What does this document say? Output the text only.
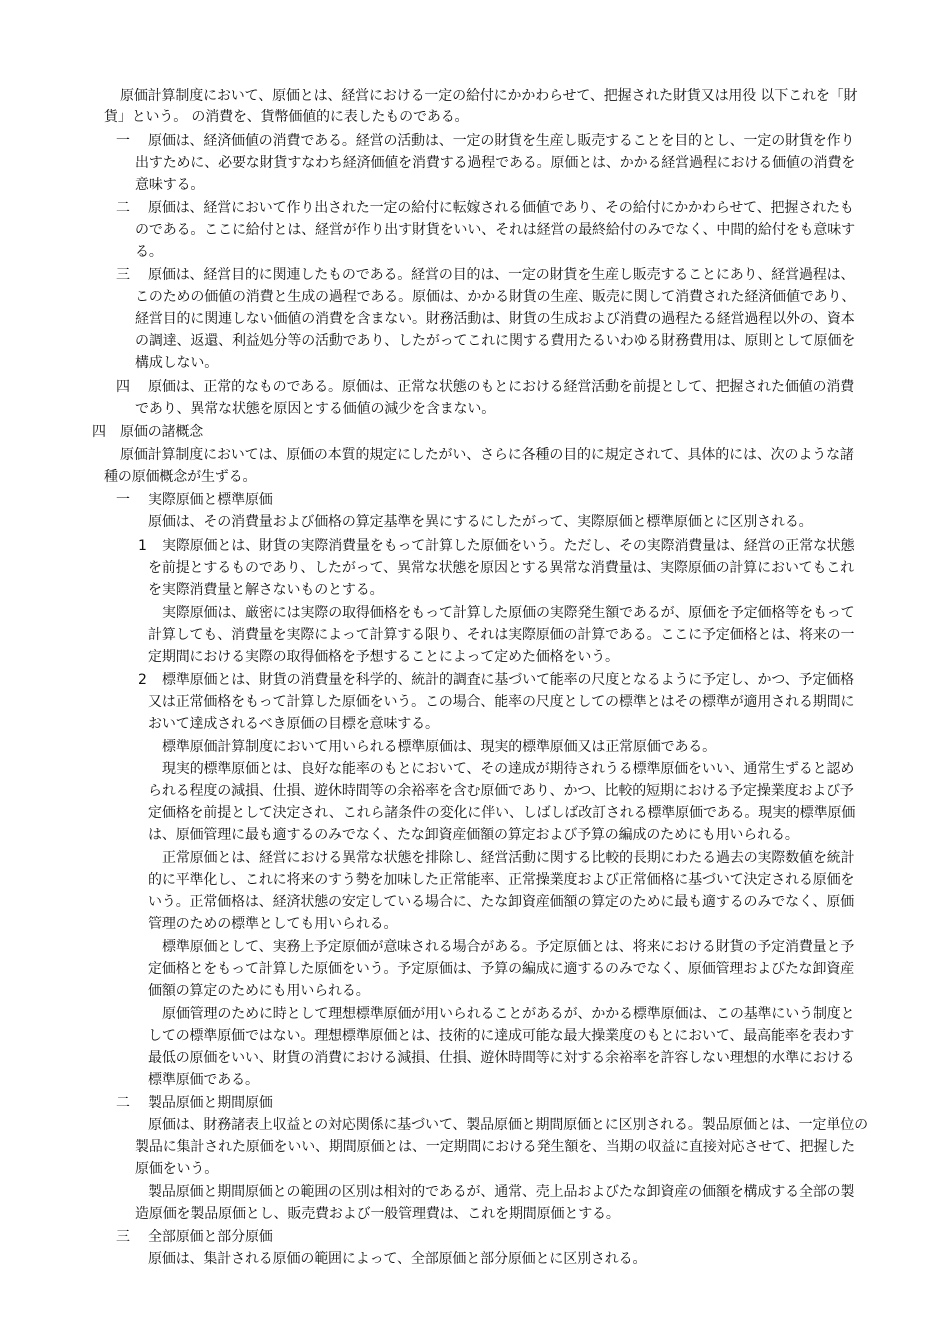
原価計算制度において、原価とは、経営における一定の給付にかかわらせて、把握された財貨又は用役 以下これを「財
貨」という。 の消費を、貨幣価値的に表したものである。
一 原価は、経済価値の消費である。経営の活動は、一定の財貨を生産し販売することを目的とし、一定の財貨を作り
出すために、必要な財貨すなわち経済価値を消費する過程である。原価とは、かかる経営過程における価値の消費を
意味する。
二 原価は、経営において作り出された一定の給付に転嫁される価値であり、その給付にかかわらせて、把握されたも
のである。ここに給付とは、経営が作り出す財貨をいい、それは経営の最終給付のみでなく、中間的給付をも意味す
る。
三 原価は、経営目的に関連したものである。経営の目的は、一定の財貨を生産し販売することにあり、経営過程は、
このための価値の消費と生成の過程である。原価は、かかる財貨の生産、販売に関して消費された経済価値であり、
経営目的に関連しない価値の消費を含まない。財務活動は、財貨の生成および消費の過程たる経営過程以外の、資本
の調達、返還、利益処分等の活動であり、したがってこれに関する費用たるいわゆる財務費用は、原則として原価を
構成しない。
四 原価は、正常的なものである。原価は、正常な状態のもとにおける経営活動を前提として、把握された価値の消費
であり、異常な状態を原因とする価値の減少を含まない。
四 原価の諸概念
原価計算制度においては、原価の本質的規定にしたがい、さらに各種の目的に規定されて、具体的には、次のような諸
種の原価概念が生ずる。
一 実際原価と標準原価
原価は、その消費量および価格の算定基準を異にするにしたがって、実際原価と標準原価とに区別される。
1 実際原価とは、財貨の実際消費量をもって計算した原価をいう。ただし、その実際消費量は、経営の正常な状態
を前提とするものであり、したがって、異常な状態を原因とする異常な消費量は、実際原価の計算においてもこれ
を実際消費量と解さないものとする。
実際原価は、厳密には実際の取得価格をもって計算した原価の実際発生額であるが、原価を予定価格等をもって
計算しても、消費量を実際によって計算する限り、それは実際原価の計算である。ここに予定価格とは、将来の一
定期間における実際の取得価格を予想することによって定めた価格をいう。
2 標準原価とは、財貨の消費量を科学的、統計的調査に基づいて能率の尺度となるように予定し、かつ、予定価格
又は正常価格をもって計算した原価をいう。この場合、能率の尺度としての標準とはその標準が適用される期間に
おいて達成されるべき原価の目標を意味する。
標準原価計算制度において用いられる標準原価は、現実的標準原価又は正常原価である。
現実的標準原価とは、良好な能率のもとにおいて、その達成が期待されうる標準原価をいい、通常生ずると認め
られる程度の減損、仕損、遊休時間等の余裕率を含む原価であり、かつ、比較的短期における予定操業度および予
定価格を前提として決定され、これら諸条件の変化に伴い、しばしば改訂される標準原価である。現実的標準原価
は、原価管理に最も適するのみでなく、たな卸資産価額の算定および予算の編成のためにも用いられる。
正常原価とは、経営における異常な状態を排除し、経営活動に関する比較的長期にわたる過去の実際数値を統計
的に平準化し、これに将来のすう勢を加味した正常能率、正常操業度および正常価格に基づいて決定される原価を
いう。正常価格は、経済状態の安定している場合に、たな卸資産価額の算定のために最も適するのみでなく、原価
管理のための標準としても用いられる。
標準原価として、実務上予定原価が意味される場合がある。予定原価とは、将来における財貨の予定消費量と予
定価格とをもって計算した原価をいう。予定原価は、予算の編成に適するのみでなく、原価管理およびたな卸資産
価額の算定のためにも用いられる。
原価管理のために時として理想標準原価が用いられることがあるが、かかる標準原価は、この基準にいう制度と
しての標準原価ではない。理想標準原価とは、技術的に達成可能な最大操業度のもとにおいて、最高能率を表わす
最低の原価をいい、財貨の消費における減損、仕損、遊休時間等に対する余裕率を許容しない理想的水準における
標準原価である。
二 製品原価と期間原価
原価は、財務諸表上収益との対応関係に基づいて、製品原価と期間原価とに区別される。製品原価とは、一定単位の
製品に集計された原価をいい、期間原価とは、一定期間における発生額を、当期の収益に直接対応させて、把握した
原価をいう。
製品原価と期間原価との範囲の区別は相対的であるが、通常、売上品およびたな卸資産の価額を構成する全部の製
造原価を製品原価とし、販売費および一般管理費は、これを期間原価とする。
三 全部原価と部分原価
原価は、集計される原価の範囲によって、全部原価と部分原価とに区別される。
